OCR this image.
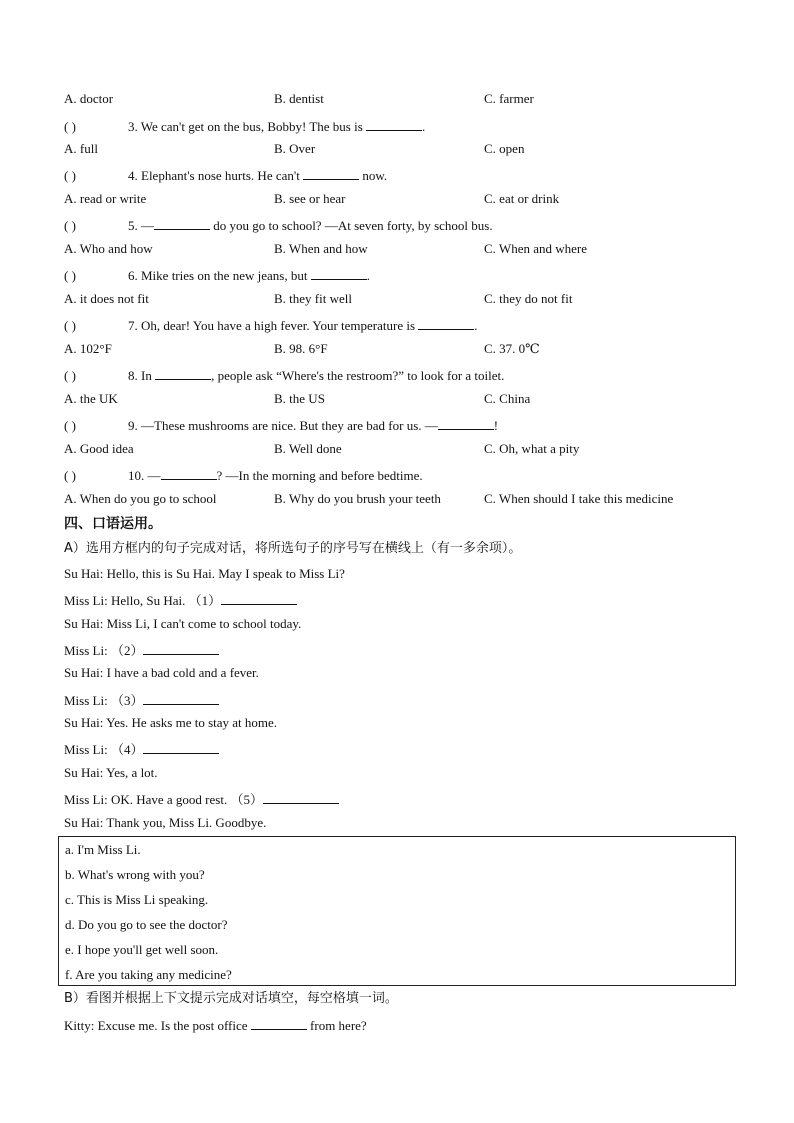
A. doctor	B. dentist	C. farmer
( )	3. We can't get on the bus, Bobby! The bus is	.
A. full	B. Over	C. open
( )	4. Elephant's nose hurts. He can't	now.
A. read or write	B. see or hear	C. eat or drink
( )	5. —	do you go to school? —At seven forty, by school bus.
A. Who and how	B. When and how	C. When and where
( )	6. Mike tries on the new jeans, but	.
A. it does not fit	B. they fit well	C. they do not fit
( )	7. Oh, dear! You have a high fever. Your temperature is	.
A. 102°F	B. 98. 6°F	C. 37. 0℃
( )	8. In	, people ask “Where's the restroom?” to look for a toilet.
A. the UK	B. the US	C. China
( )	9. —These mushrooms are nice. But they are bad for us. —	!
A. Good idea	B. Well done	C. Oh, what a pity
( )	10. —	? —In the morning and before bedtime.
A. When do you go to school	B. Why do you brush your teeth	C. When should I take this medicine
四、口语运用。
A）选用方框内的句子完成对话，将所选句子的序号写在横线上（有一多余项）。
Su Hai: Hello, this is Su Hai. May I speak to Miss Li?
Miss Li: Hello, Su Hai. （1）
Su Hai: Miss Li, I can't come to school today.
Miss Li: （2）
Su Hai: I have a bad cold and a fever.
Miss Li: （3）
Su Hai: Yes. He asks me to stay at home.
Miss Li: （4）
Su Hai: Yes, a lot.
Miss Li: OK. Have a good rest. （5）
Su Hai: Thank you, Miss Li. Goodbye.
a. I'm Miss Li.
b. What's wrong with you?
c. This is Miss Li speaking.
d. Do you go to see the doctor?
e. I hope you'll get well soon.
f. Are you taking any medicine?
B）看图并根据上下文提示完成对话填空，每空格填一词。
Kitty: Excuse me. Is the post office	from here?
